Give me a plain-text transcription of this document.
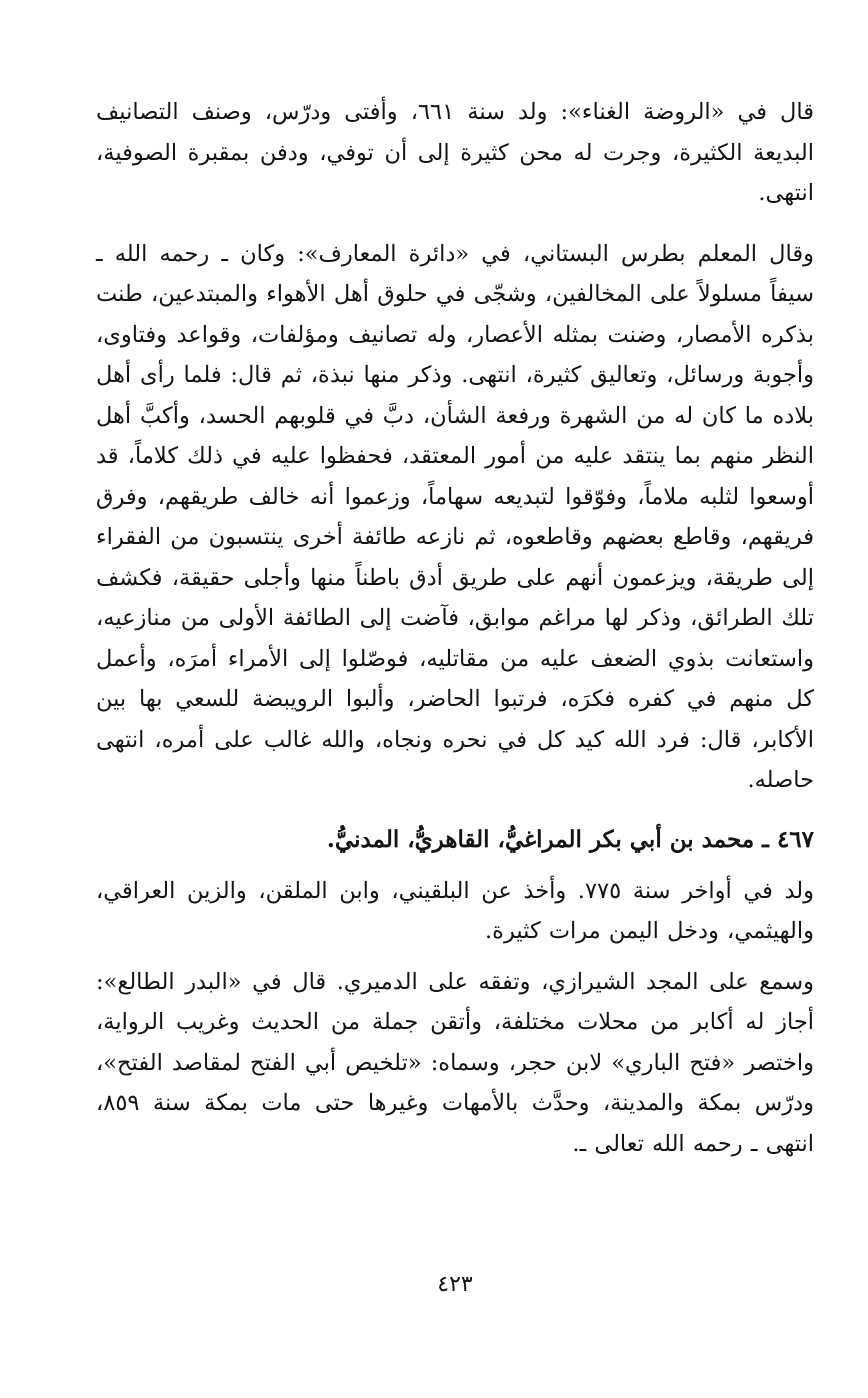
قال في «الروضة الغناء»: ولد سنة ٦٦١، وأفتى ودرّس، وصنف التصانيف البديعة الكثيرة، وجرت له محن كثيرة إلى أن توفي، ودفن بمقبرة الصوفية، انتهى.

وقال المعلم بطرس البستاني، في «دائرة المعارف»: وكان ـ رحمه الله ـ سيفاً مسلولاً على المخالفين، وشجّى في حلوق أهل الأهواء والمبتدعين، طنت بذكره الأمصار، وضنت بمثله الأعصار، وله تصانيف ومؤلفات، وقواعد وفتاوى، وأجوبة ورسائل، وتعاليق كثيرة، انتهى. وذكر منها نبذة، ثم قال: فلما رأى أهل بلاده ما كان له من الشهرة ورفعة الشأن، دبَّ في قلوبهم الحسد، وأكبَّ أهل النظر منهم بما ينتقد عليه من أمور المعتقد، فحفظوا عليه في ذلك كلاماً، قد أوسعوا لثلبه ملاماً، وفوّقوا لتبديعه سهاماً، وزعموا أنه خالف طريقهم، وفرق فريقهم، وقاطع بعضهم وقاطعوه، ثم نازعه طائفة أخرى ينتسبون من الفقراء إلى طريقة، ويزعمون أنهم على طريق أدق باطناً منها وأجلى حقيقة، فكشف تلك الطرائق، وذكر لها مراغم موابق، فآضت إلى الطائفة الأولى من منازعيه، واستعانت بذوي الضعف عليه من مقاتليه، فوصّلوا إلى الأمراء أمرَه، وأعمل كل منهم في كفره فكرَه، فرتبوا الحاضر، وألبوا الرويبضة للسعي بها بين الأكابر، قال: فرد الله كيد كل في نحره ونجاه، والله غالب على أمره، انتهى حاصله.

٤٦٧ ـ محمد بن أبي بكر المراغيُّ، القاهريُّ، المدنيُّ.

ولد في أواخر سنة ٧٧٥. وأخذ عن البلقيني، وابن الملقن، والزين العراقي، والهيثمي، ودخل اليمن مرات كثيرة.

وسمع على المجد الشيرازي، وتفقه على الدميري. قال في «البدر الطالع»: أجاز له أكابر من محلات مختلفة، وأتقن جملة من الحديث وغريب الرواية، واختصر «فتح الباري» لابن حجر، وسماه: «تلخيص أبي الفتح لمقاصد الفتح»، ودرّس بمكة والمدينة، وحدَّث بالأمهات وغيرها حتى مات بمكة سنة ٨٥٩، انتهى ـ رحمه الله تعالى ـ.

٤٢٣
